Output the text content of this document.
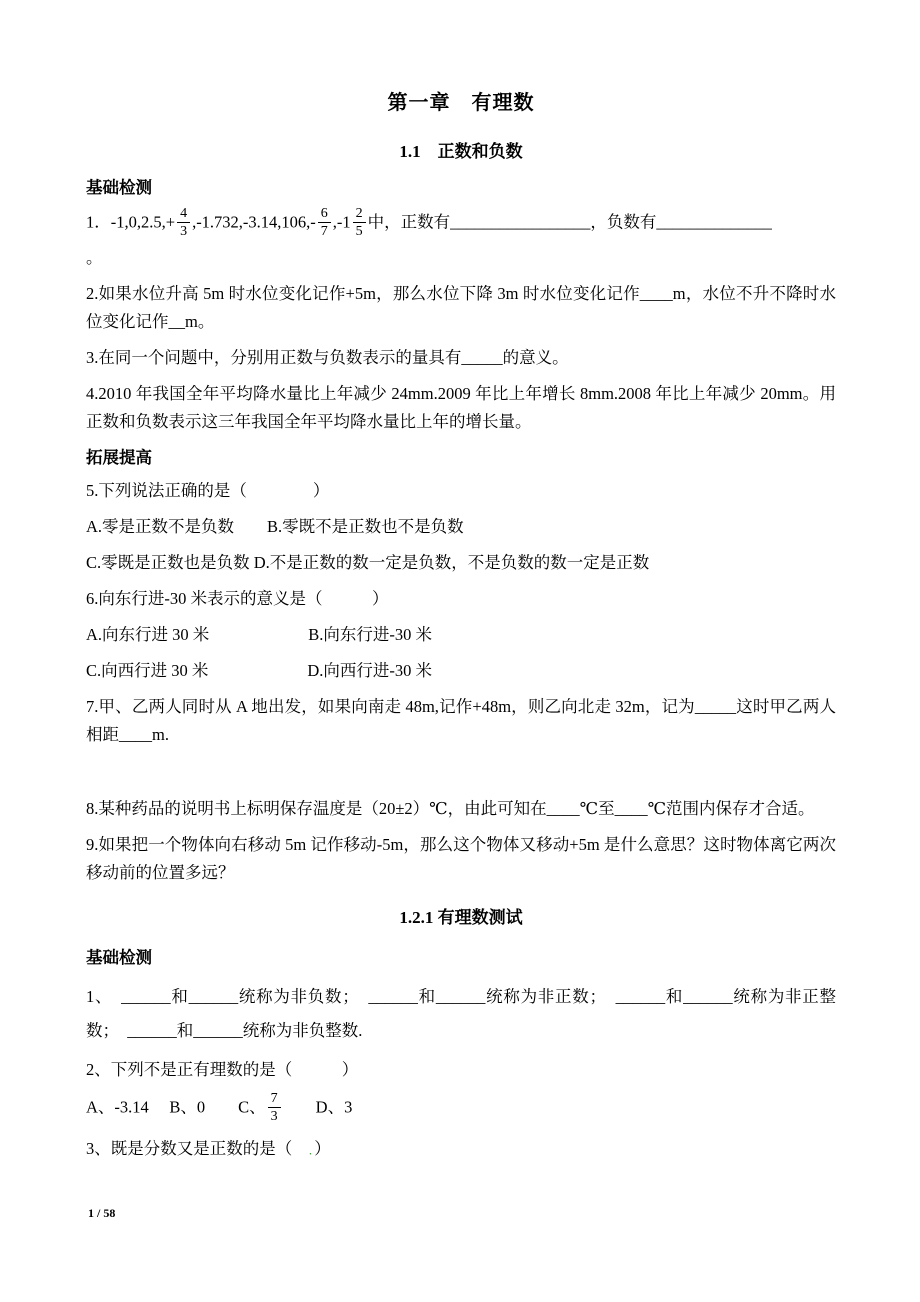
第一章　有理数
1.1　正数和负数
基础检测

1．$-1,0,2.5,+ \frac{4}{3} ,-1.732,-3.14,106,- \frac{6}{7} ,-1 \frac{2}{5}$ 中，正数有_________________，负数有______________

。

2.如果水位升高 5m 时水位变化记作+5m，那么水位下降 3m 时水位变化记作____m，水位不升不降时水位变化记作__m。

3.在同一个问题中，分别用正数与负数表示的量具有_____的意义。

4.2010 年我国全年平均降水量比上年减少 24mm.2009 年比上年增长 8mm.2008 年比上年减少 20mm。用正数和负数表示这三年我国全年平均降水量比上年的增长量。

拓展提高

5.下列说法正确的是（　　　　）

A.零是正数不是负数　　B.零既不是正数也不是负数

C.零既是正数也是负数 D.不是正数的数一定是负数，不是负数的数一定是正数

6.向东行进-30 米表示的意义是（　　　）

A.向东行进 30 米　　　　　　B.向东行进-30 米

C.向西行进 30 米　　　　　　D.向西行进-30 米

7.甲、乙两人同时从 A 地出发，如果向南走 48m,记作+48m，则乙向北走 32m，记为_____这时甲乙两人相距____m.

8.某种药品的说明书上标明保存温度是（20±2）℃，由此可知在____℃至____℃范围内保存才合适。

9.如果把一个物体向右移动 5m 记作移动-5m，那么这个物体又移动+5m 是什么意思？这时物体离它两次移动前的位置多远？

1.2.1 有理数测试
基础检测

1、　______和______统称为非负数；　______和______统称为非正数；　______和______统称为非正整数；　______和______统称为非负整数.

2、下列不是正有理数的是（　　　）

A、-3.14　 B、0　　C、 $\frac{7}{3}$ 　　D、3

3、既是分数又是正数的是（　．）

1 / 58
